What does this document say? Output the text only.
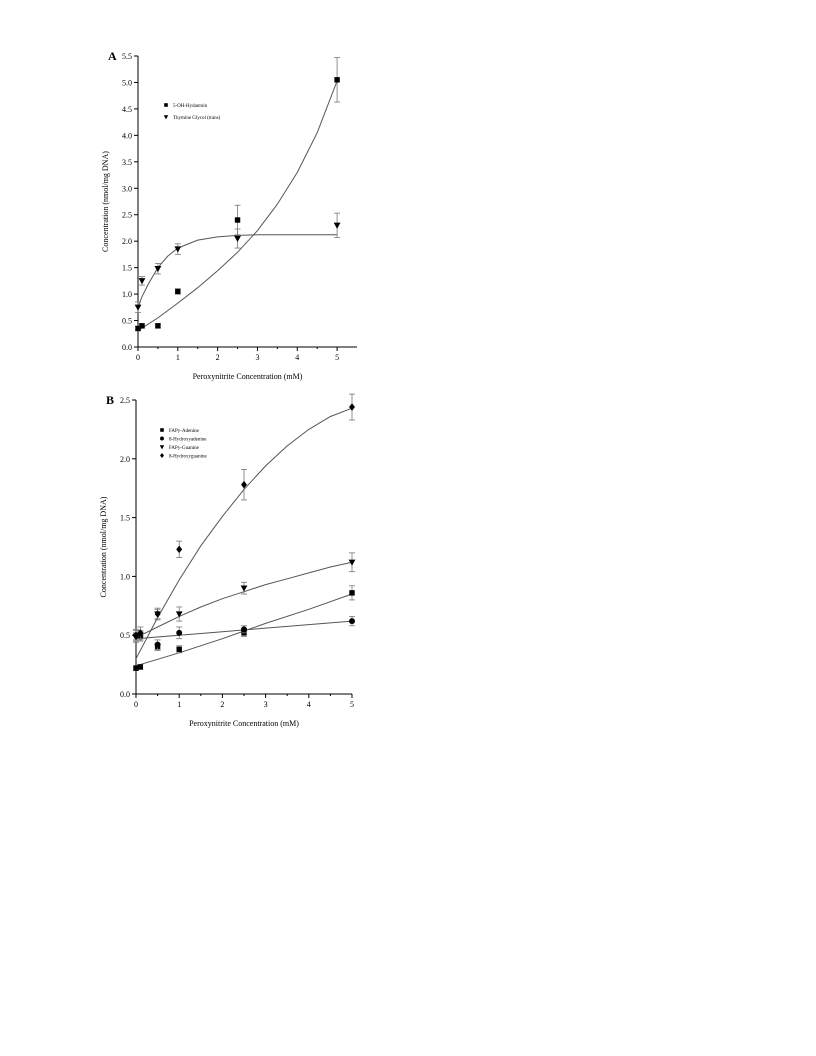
A
0	1	2	3	4	5
0.0
0.5
1.0
1.5
2.0
2.5
3.0
3.5
4.0
4.5
5.0
5.5
Peroxynitrite Concentration (mM)
Concentration (nmol/mg DNA)
5-OH-Hydantoin
Thymine Glycol (trans)
B
0	1	2	3	4	5
0.0
0.5
1.0
1.5
2.0
2.5
Peroxynitrite Concentration (mM)
Concentration (nmol/mg DNA)
FAPy-Adenine
8-Hydroxyadenine
FAPy-Guanine
8-Hydroxyguanine
